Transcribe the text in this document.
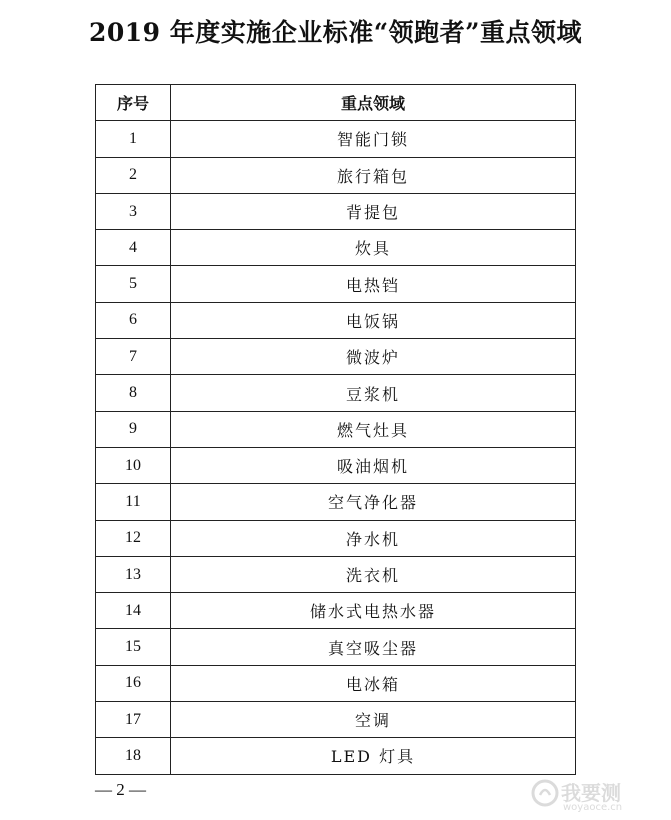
2019 年度实施企业标准“领跑者”重点领域
序号	重点领域
1	智能门锁
2	旅行箱包
3	背提包
4	炊具
5	电热铛
6	电饭锅
7	微波炉
8	豆浆机
9	燃气灶具
10	吸油烟机
11	空气净化器
12	净水机
13	洗衣机
14	储水式电热水器
15	真空吸尘器
16	电冰箱
17	空调
18	LED 灯具
— 2 —	我要测
woyaoce.cn
